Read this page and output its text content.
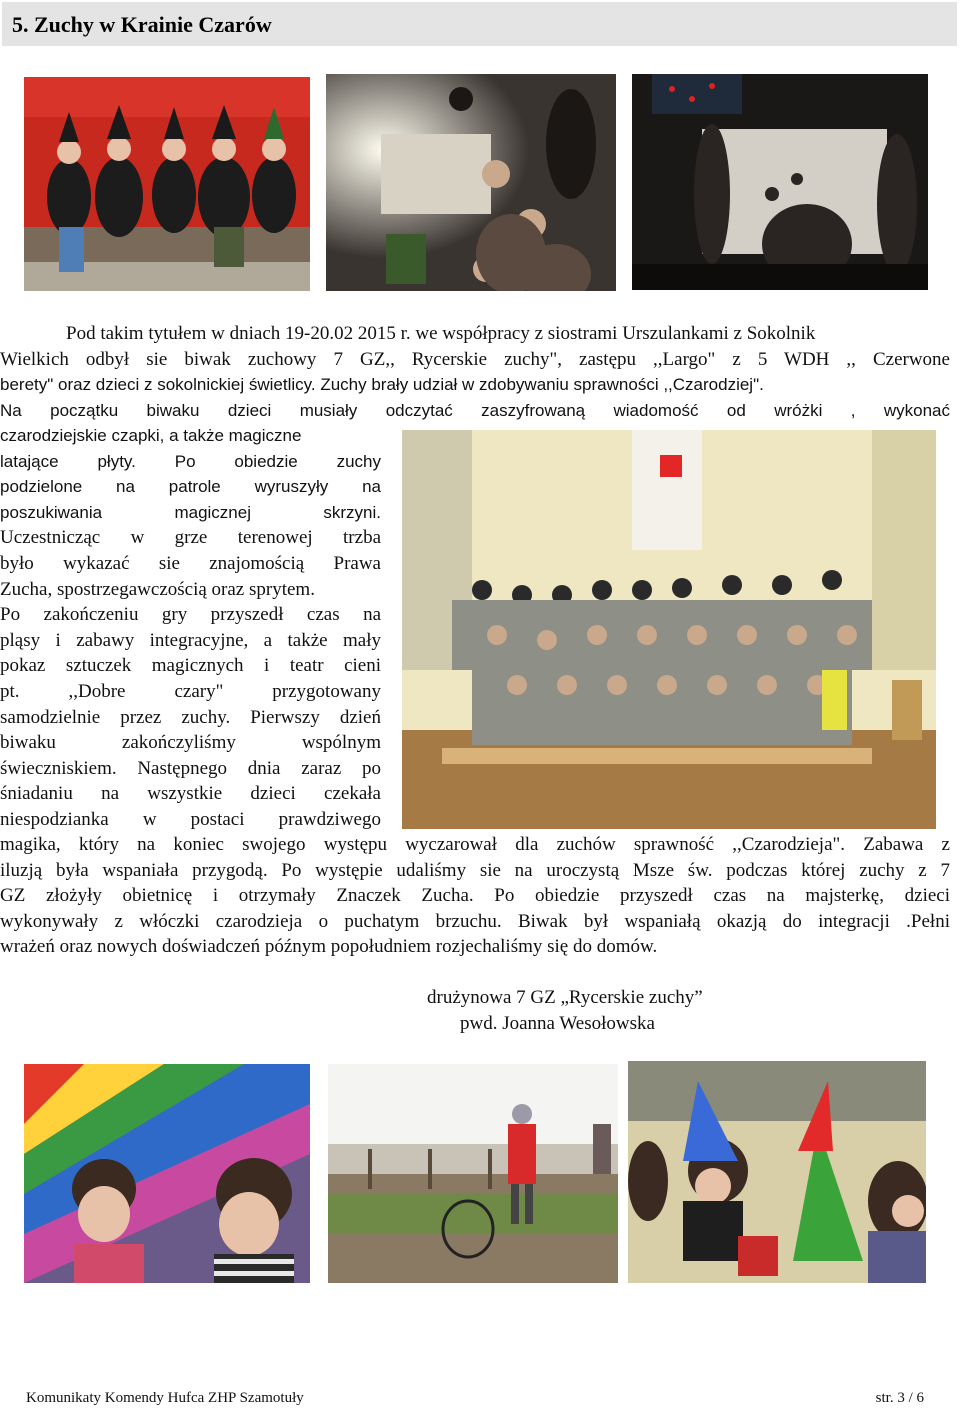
5. Zuchy w Krainie Czarów
Pod takim tytułem w dniach 19-20.02 2015 r. we współpracy z siostrami Urszulankami z Sokolnik
Wielkich odbył sie biwak zuchowy 7 GZ,, Rycerskie zuchy", zastępu ,,Largo" z 5 WDH ,, Czerwone
berety" oraz dzieci z sokolnickiej świetlicy. Zuchy brały udział w zdobywaniu sprawności ,,Czarodziej".
Na początku biwaku dzieci musiały odczytać zaszyfrowaną wiadomość od wróżki , wykonać
czarodziejskie czapki, a także magiczne
latające płyty. Po obiedzie zuchy
podzielone na patrole wyruszyły na
poszukiwania magicznej skrzyni.
Uczestnicząc w grze terenowej trzba
było wykazać sie znajomością Prawa
Zucha, spostrzegawczością oraz sprytem.
Po zakończeniu gry przyszedł czas na
pląsy i zabawy integracyjne, a także mały
pokaz sztuczek magicznych i teatr cieni
pt. ,,Dobre czary" przygotowany
samodzielnie przez zuchy. Pierwszy dzień
biwaku zakończyliśmy wspólnym
świeczniskiem. Następnego dnia zaraz po
śniadaniu na wszystkie dzieci czekała
niespodzianka w postaci prawdziwego
magika, który na koniec swojego występu wyczarował dla zuchów sprawność ,,Czarodzieja". Zabawa z
iluzją była wspaniała przygodą. Po występie udaliśmy sie na uroczystą Msze św. podczas której zuchy z 7
GZ złożyły obietnicę i otrzymały Znaczek Zucha. Po obiedzie przyszedł czas na majsterkę, dzieci
wykonywały z włóczki czarodzieja o puchatym brzuchu. Biwak był wspaniałą okazją do integracji .Pełni
wrażeń oraz nowych doświadczeń późnym popołudniem rozjechaliśmy się do domów.
drużynowa 7 GZ „Rycerskie zuchy”
pwd. Joanna Wesołowska
Komunikaty Komendy Hufca ZHP Szamotuły	str. 3 / 6
